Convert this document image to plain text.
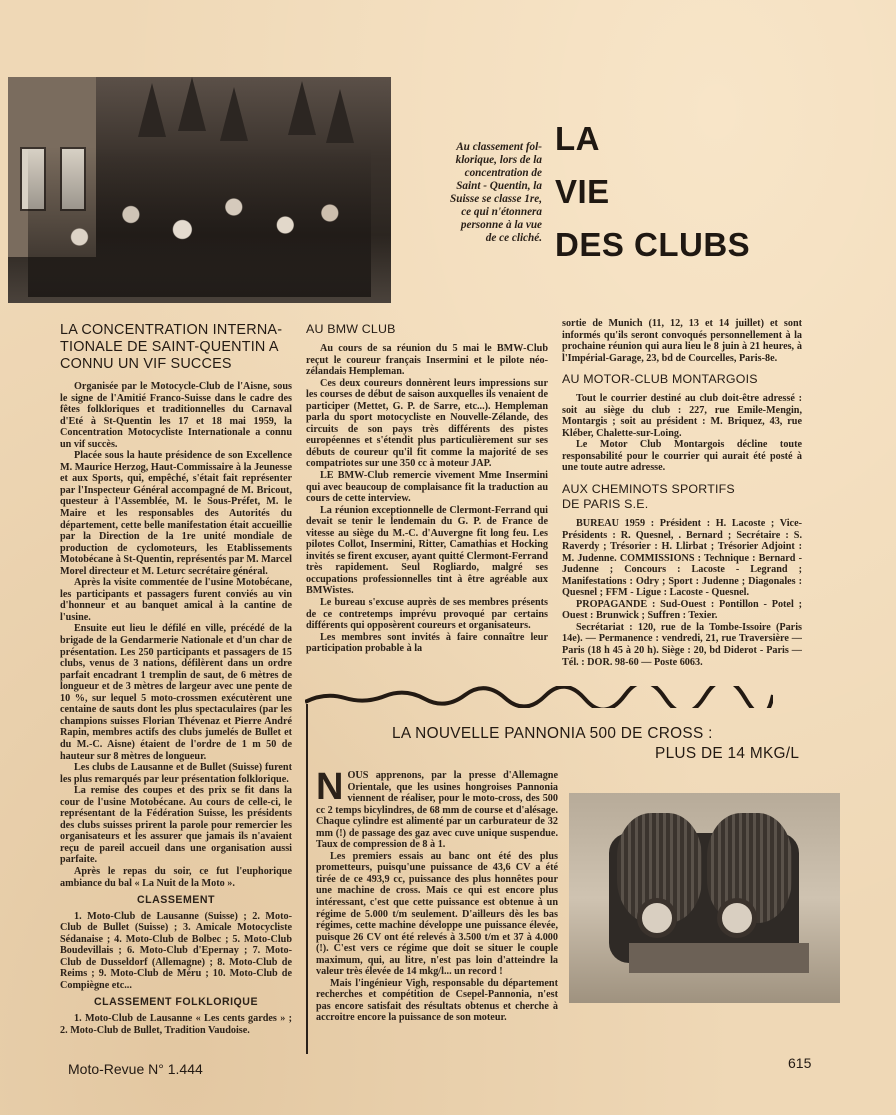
Au classement fol-
klorique, lors de la
concentration de
Saint - Quentin, la
Suisse se classe 1re,
ce qui n'étonnera
personne à la vue
de ce cliché.
LA
VIE
DES CLUBS
LA CONCENTRATION INTERNA-
TIONALE DE SAINT-QUENTIN A
CONNU UN VIF SUCCES

Organisée par le Motocycle-Club de l'Aisne, sous le signe de l'Amitié Franco-Suisse dans le cadre des fêtes folkloriques et traditionnelles du Carnaval d'Eté à St-Quentin les 17 et 18 mai 1959, la Concentration Motocycliste Internationale a connu un vif succès.

Placée sous la haute présidence de son Excellence M. Maurice Herzog, Haut-Commissaire à la Jeunesse et aux Sports, qui, empêché, s'était fait représenter par l'Inspecteur Général accompagné de M. Bricout, questeur à l'Assemblée, M. le Sous-Préfet, M. le Maire et les responsables des Autorités du département, cette belle manifestation était accueillie par la Direction de la 1re unité mondiale de production de cyclomoteurs, les Etablissements Motobécane à St-Quentin, représentés par M. Marcel Morel directeur et M. Leturc secrétaire général.

Après la visite commentée de l'usine Motobécane, les participants et passagers furent conviés au vin d'honneur et au banquet amical à la cantine de l'usine.

Ensuite eut lieu le défilé en ville, précédé de la brigade de la Gendarmerie Nationale et d'un char de présentation. Les 250 participants et passagers de 15 clubs, venus de 3 nations, défilèrent dans un ordre parfait encadrant 1 tremplin de saut, de 6 mètres de longueur et de 3 mètres de largeur avec une pente de 10 %, sur lequel 5 moto-crossmen exécutèrent une centaine de sauts dont les plus spectaculaires (par les champions suisses Florian Thévenaz et Pierre André Rapin, membres actifs des clubs jumelés de Bullet et du M.-C. Aisne) étaient de l'ordre de 1 m 50 de hauteur sur 8 mètres de longueur.

Les clubs de Lausanne et de Bullet (Suisse) furent les plus remarqués par leur présentation folklorique.

La remise des coupes et des prix se fit dans la cour de l'usine Motobécane. Au cours de celle-ci, le représentant de la Fédération Suisse, les présidents des clubs suisses prirent la parole pour remercier les organisateurs et les assurer que jamais ils n'avaient reçu de pareil accueil dans une organisation aussi parfaite.

Après le repas du soir, ce fut l'euphorique ambiance du bal « La Nuit de la Moto ».

CLASSEMENT

1. Moto-Club de Lausanne (Suisse) ; 2. Moto-Club de Bullet (Suisse) ; 3. Amicale Motocycliste Sédanaise ; 4. Moto-Club de Bolbec ; 5. Moto-Club Boudevillais ; 6. Moto-Club d'Epernay ; 7. Moto-Club de Dusseldorf (Allemagne) ; 8. Moto-Club de Reims ; 9. Moto-Club de Méru ; 10. Moto-Club de Compiègne etc...

CLASSEMENT FOLKLORIQUE

1. Moto-Club de Lausanne « Les cents gardes » ; 2. Moto-Club de Bullet, Tradition Vaudoise.

AU BMW CLUB

Au cours de sa réunion du 5 mai le BMW-Club reçut le coureur français Insermini et le pilote néo-zélandais Hempleman.

Ces deux coureurs donnèrent leurs impressions sur les courses de début de saison auxquelles ils venaient de participer (Mettet, G. P. de Sarre, etc...). Hempleman parla du sport motocycliste en Nouvelle-Zélande, des circuits de son pays très différents des pistes européennes et s'étendit plus particulièrement sur ses débuts de coureur qu'il fit comme la majorité de ses compatriotes sur une 350 cc à moteur JAP.

LE BMW-Club remercie vivement Mme Insermini qui avec beaucoup de complaisance fit la traduction au cours de cette interview.

La réunion exceptionnelle de Clermont-Ferrand qui devait se tenir le lendemain du G. P. de France de vitesse au siège du M.-C. d'Auvergne fit long feu. Les pilotes Collot, Insermini, Ritter, Camathias et Hocking invités se firent excuser, ayant quitté Clermont-Ferrand très rapidement. Seul Rogliardo, malgré ses occupations professionnelles tint à être agréable aux BMWistes.

Le bureau s'excuse auprès de ses membres présents de ce contretemps imprévu provoqué par certains différents qui opposèrent coureurs et organisateurs.

Les membres sont invités à faire connaître leur participation probable à la

sortie de Munich (11, 12, 13 et 14 juillet) et sont informés qu'ils seront convoqués personnellement à la prochaine réunion qui aura lieu le 8 juin à 21 heures, à l'Impérial-Garage, 23, bd de Courcelles, Paris-8e.

AU MOTOR-CLUB MONTARGOIS

Tout le courrier destiné au club doit-être adressé : soit au siège du club : 227, rue Emile-Mengin, Montargis ; soit au président : M. Briquez, 43, rue Kléber, Chalette-sur-Loing.

Le Motor Club Montargois décline toute responsabilité pour le courrier qui aurait été posté à une toute autre adresse.

AUX CHEMINOTS SPORTIFS
DE PARIS S.E.

BUREAU 1959 : Président : H. Lacoste ; Vice-Présidents : R. Quesnel, . Bernard ; Secrétaire : S. Raverdy ; Trésorier : H. Llirbat ; Trésorier Adjoint : M. Judenne. COMMISSIONS : Technique : Bernard - Judenne ; Concours : Lacoste - Legrand ; Manifestations : Odry ; Sport : Judenne ; Diagonales : Quesnel ; FFM - Ligue : Lacoste - Quesnel.

PROPAGANDE : Sud-Ouest : Pontillon - Potel ; Ouest : Brunwick ; Suffren : Texier.

Secrétariat : 120, rue de la Tombe-Issoire (Paris 14e). — Permanence : vendredi, 21, rue Traversière — Paris (18 h 45 à 20 h). Siège : 20, bd Diderot - Paris — Tél. : DOR. 98-60 — Poste 6063.

LA NOUVELLE PANNONIA 500 DE CROSS :
PLUS DE 14 MKG/L

NOUS apprenons, par la presse d'Allemagne Orientale, que les usines hongroises Pannonia viennent de réaliser, pour le moto-cross, des 500 cc 2 temps bicylindres, de 68 mm de course et d'alésage. Chaque cylindre est alimenté par un carburateur de 32 mm (!) de passage des gaz avec cuve unique suspendue. Taux de compression de 8 à 1.

Les premiers essais au banc ont été des plus prometteurs, puisqu'une puissance de 43,6 CV a été tirée de ce 493,9 cc, puissance des plus honnêtes pour une machine de cross. Mais ce qui est encore plus intéressant, c'est que cette puissance est obtenue à un régime de 5.000 t/m seulement. D'ailleurs dès les bas régimes, cette machine développe une puissance élevée, puisque 26 CV ont été relevés à 3.500 t/m et 37 à 4.000 (!). C'est vers ce régime que doit se situer le couple maximum, qui, au litre, n'est pas loin d'atteindre la valeur très élevée de 14 mkg/l... un record !

Mais l'ingénieur Vigh, responsable du département recherches et compétition de Csepel-Pannonia, n'est pas encore satisfait des résultats obtenus et cherche à accroitre encore la puissance de son moteur.

Moto-Revue N° 1.444	615
